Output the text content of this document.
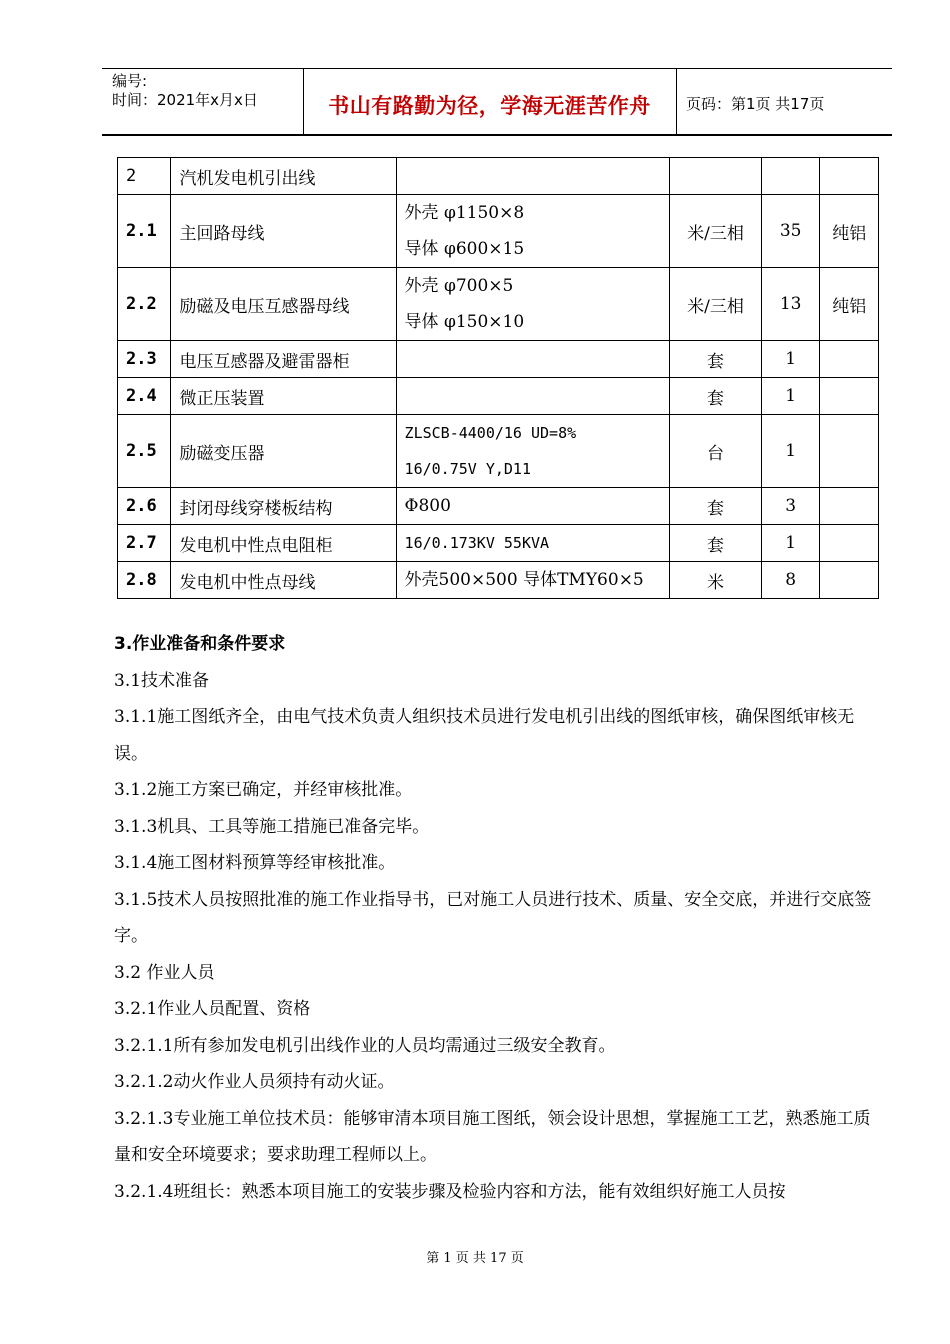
编号:
时间：2021年x月x日	书山有路勤为径，学海无涯苦作舟	页码：第1页 共17页
2	汽机发电机引出线	

2.1	主回路母线	外壳 φ1150×8
导体 φ600×15	米/三相	35	纯铝
2.2	励磁及电压互感器母线	外壳 φ700×5
导体 φ150×10	米/三相	13	纯铝
2.3	电压互感器及避雷器柜		套	1	
2.4	微正压装置		套	1	
2.5	励磁变压器	ZLSCB-4400/16 UD=8%
16/0.75V Y,D11	台	1	
2.6	封闭母线穿楼板结构	Φ800	套	3	
2.7	发电机中性点电阻柜	16/0.173KV 55KVA	套	1	
2.8	发电机中性点母线	外壳500×500 导体TMY60×5	米	8	

3.作业准备和条件要求

3.1技术准备

3.1.1施工图纸齐全，由电气技术负责人组织技术员进行发电机引出线的图纸审核，确保图纸审核无误。

3.1.2施工方案已确定，并经审核批准。

3.1.3机具、工具等施工措施已准备完毕。

3.1.4施工图材料预算等经审核批准。

3.1.5技术人员按照批准的施工作业指导书，已对施工人员进行技术、质量、安全交底，并进行交底签字。

3.2 作业人员

3.2.1作业人员配置、资格

3.2.1.1所有参加发电机引出线作业的人员均需通过三级安全教育。

3.2.1.2动火作业人员须持有动火证。

3.2.1.3专业施工单位技术员：能够审清本项目施工图纸，领会设计思想，掌握施工工艺，熟悉施工质量和安全环境要求；要求助理工程师以上。

3.2.1.4班组长：熟悉本项目施工的安装步骤及检验内容和方法，能有效组织好施工人员按

第 1 页 共 17 页
